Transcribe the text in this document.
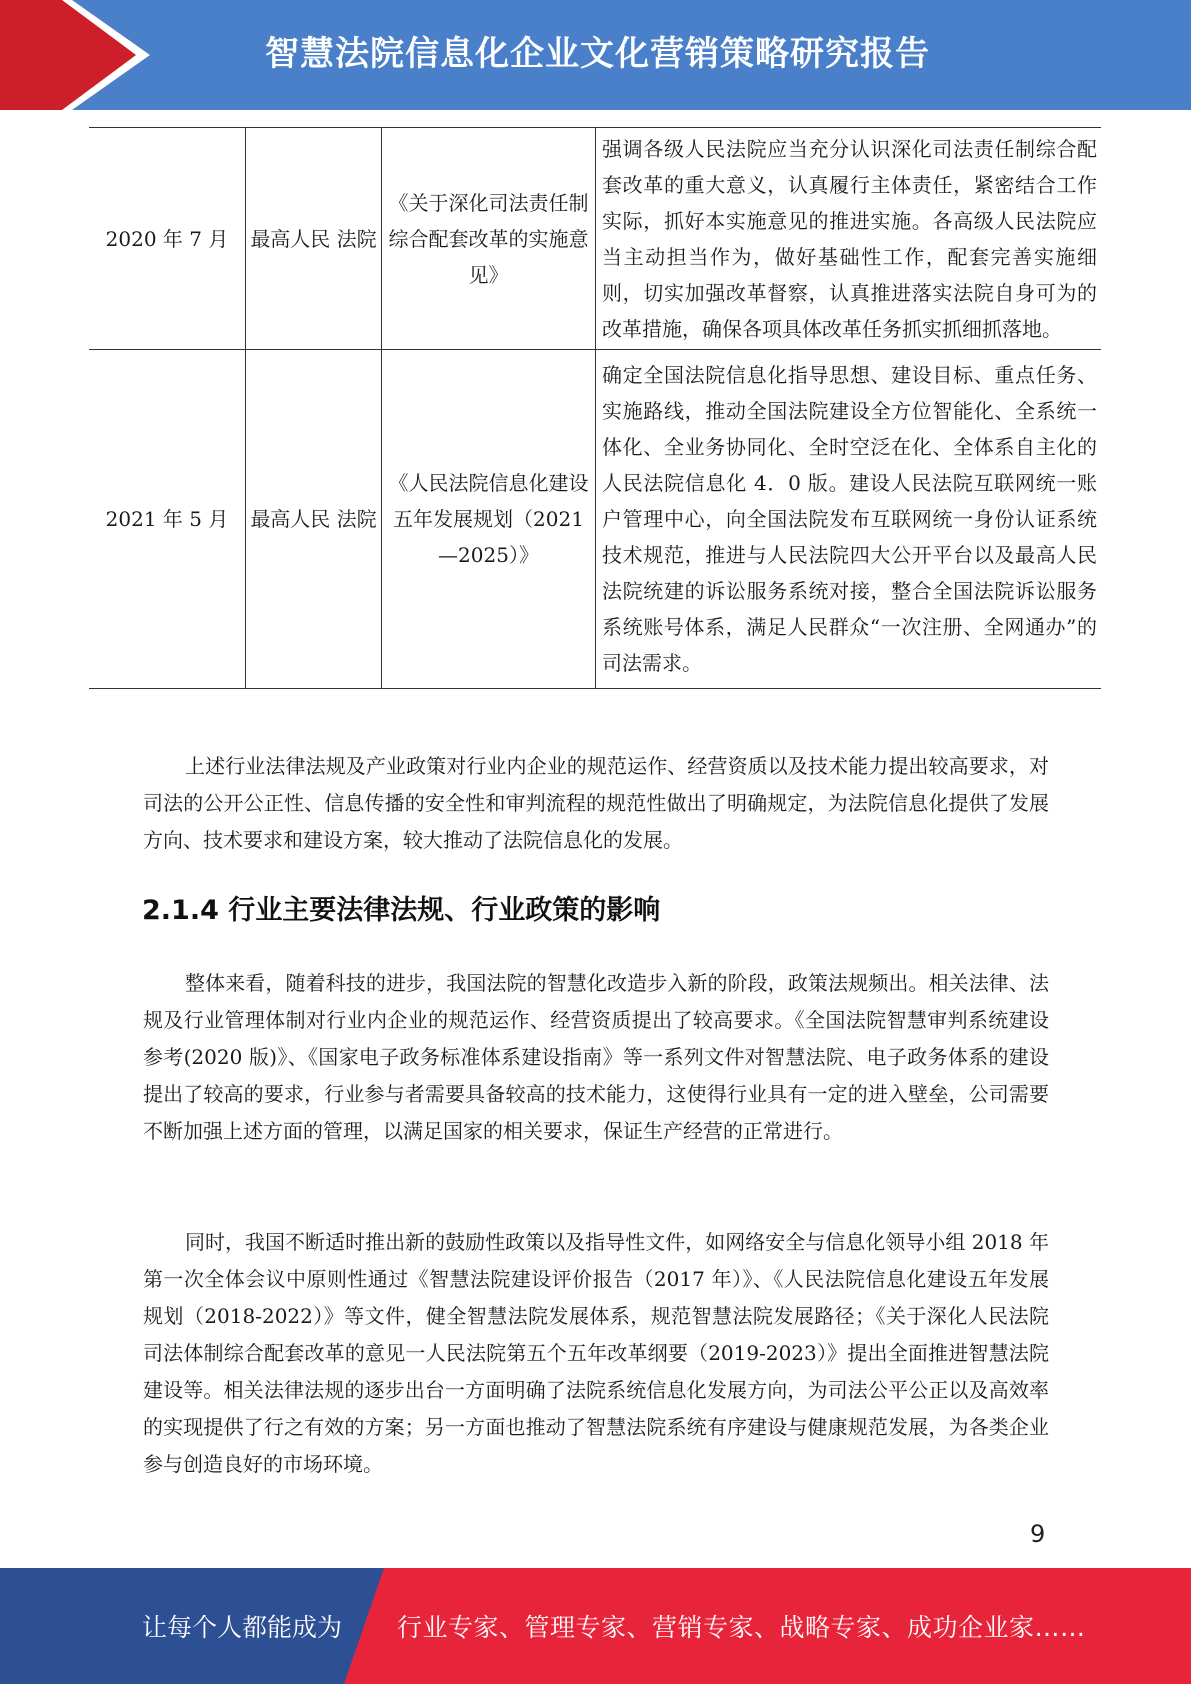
智慧法院信息化企业文化营销策略研究报告
2020 年 7 月	最高人民 法院	《关于深化司法责任制综合配套改革的实施意见》	强调各级人民法院应当充分认识深化司法责任制综合配套改革的重大意义，认真履行主体责任，紧密结合工作实际，抓好本实施意见的推进实施。各高级人民法院应当主动担当作为，做好基础性工作，配套完善实施细则，切实加强改革督察，认真推进落实法院自身可为的改革措施，确保各项具体改革任务抓实抓细抓落地。
2021 年 5 月	最高人民 法院	《人民法院信息化建设五年发展规划（2021—2025）》	确定全国法院信息化指导思想、建设目标、重点任务、实施路线，推动全国法院建设全方位智能化、全系统一体化、全业务协同化、全时空泛在化、全体系自主化的人民法院信息化 4．0 版。建设人民法院互联网统一账户管理中心，向全国法院发布互联网统一身份认证系统技术规范，推进与人民法院四大公开平台以及最高人民法院统建的诉讼服务系统对接，整合全国法院诉讼服务系统账号体系，满足人民群众“一次注册、全网通办”的司法需求。

上述行业法律法规及产业政策对行业内企业的规范运作、经营资质以及技术能力提出较高要求，对司法的公开公正性、信息传播的安全性和审判流程的规范性做出了明确规定，为法院信息化提供了发展方向、技术要求和建设方案，较大推动了法院信息化的发展。

2.1.4 行业主要法律法规、行业政策的影响

整体来看，随着科技的进步，我国法院的智慧化改造步入新的阶段，政策法规频出。相关法律、法规及行业管理体制对行业内企业的规范运作、经营资质提出了较高要求。《全国法院智慧审判系统建设参考(2020 版)》、《国家电子政务标准体系建设指南》等一系列文件对智慧法院、电子政务体系的建设提出了较高的要求，行业参与者需要具备较高的技术能力，这使得行业具有一定的进入壁垒，公司需要不断加强上述方面的管理，以满足国家的相关要求，保证生产经营的正常进行。

同时，我国不断适时推出新的鼓励性政策以及指导性文件，如网络安全与信息化领导小组 2018 年第一次全体会议中原则性通过《智慧法院建设评价报告（2017 年）》、《人民法院信息化建设五年发展规划（2018-2022）》等文件，健全智慧法院发展体系，规范智慧法院发展路径；《关于深化人民法院司法体制综合配套改革的意见一人民法院第五个五年改革纲要（2019-2023）》提出全面推进智慧法院建设等。相关法律法规的逐步出台一方面明确了法院系统信息化发展方向，为司法公平公正以及高效率的实现提供了行之有效的方案；另一方面也推动了智慧法院系统有序建设与健康规范发展，为各类企业参与创造良好的市场环境。

9
让每个人都能成为 行业专家、管理专家、营销专家、战略专家、成功企业家……
